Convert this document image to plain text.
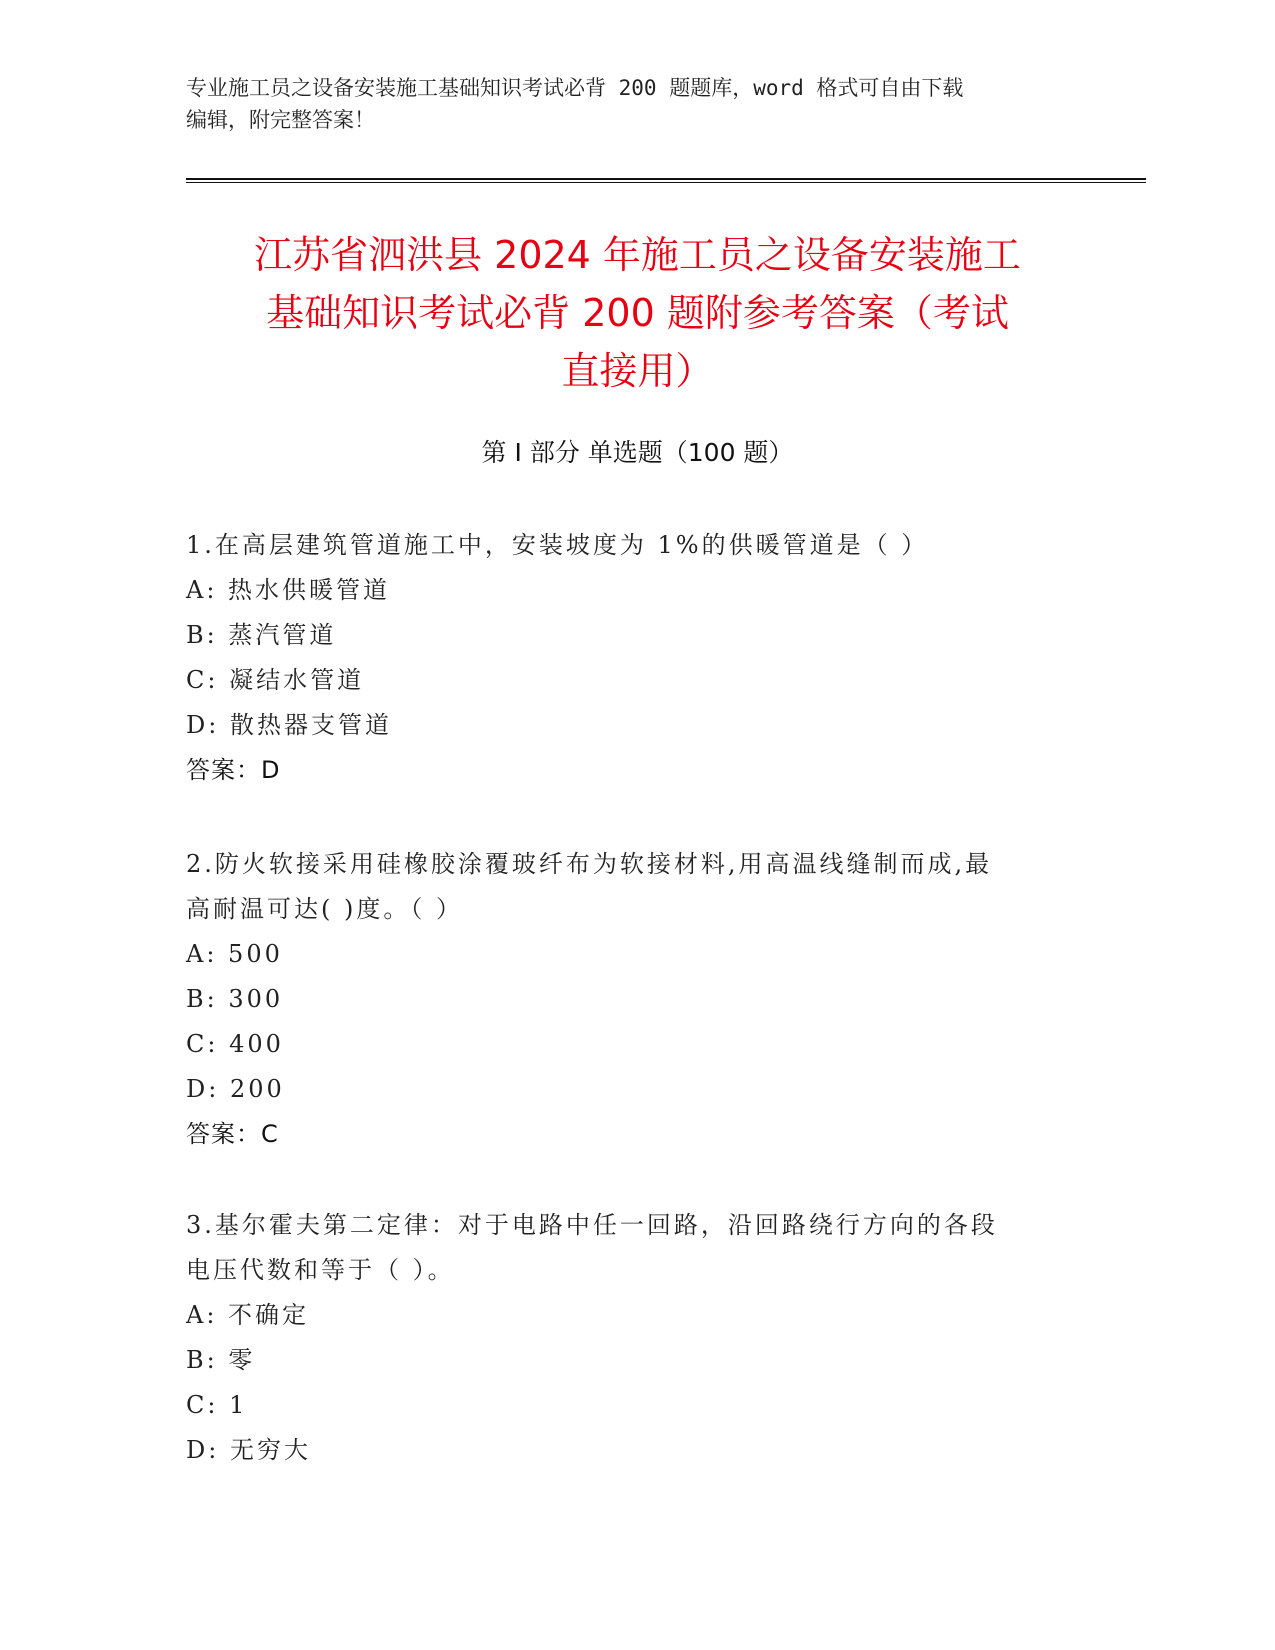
专业施工员之设备安装施工基础知识考试必背 200 题题库，word 格式可自由下载
编辑，附完整答案！
江苏省泗洪县 2024 年施工员之设备安装施工
基础知识考试必背 200 题附参考答案（考试
直接用）
第 I 部分 单选题（100 题）
1.在高层建筑管道施工中，安装坡度为 1%的供暖管道是（ ）
A: 热水供暖管道
B: 蒸汽管道
C: 凝结水管道
D: 散热器支管道
答案：D
2.防火软接采用硅橡胶涂覆玻纤布为软接材料,用高温线缝制而成,最
高耐温可达( )度。（ ）
A: 500
B: 300
C: 400
D: 200
答案：C
3.基尔霍夫第二定律：对于电路中任一回路，沿回路绕行方向的各段
电压代数和等于（ ）。
A: 不确定
B: 零
C: 1
D: 无穷大
